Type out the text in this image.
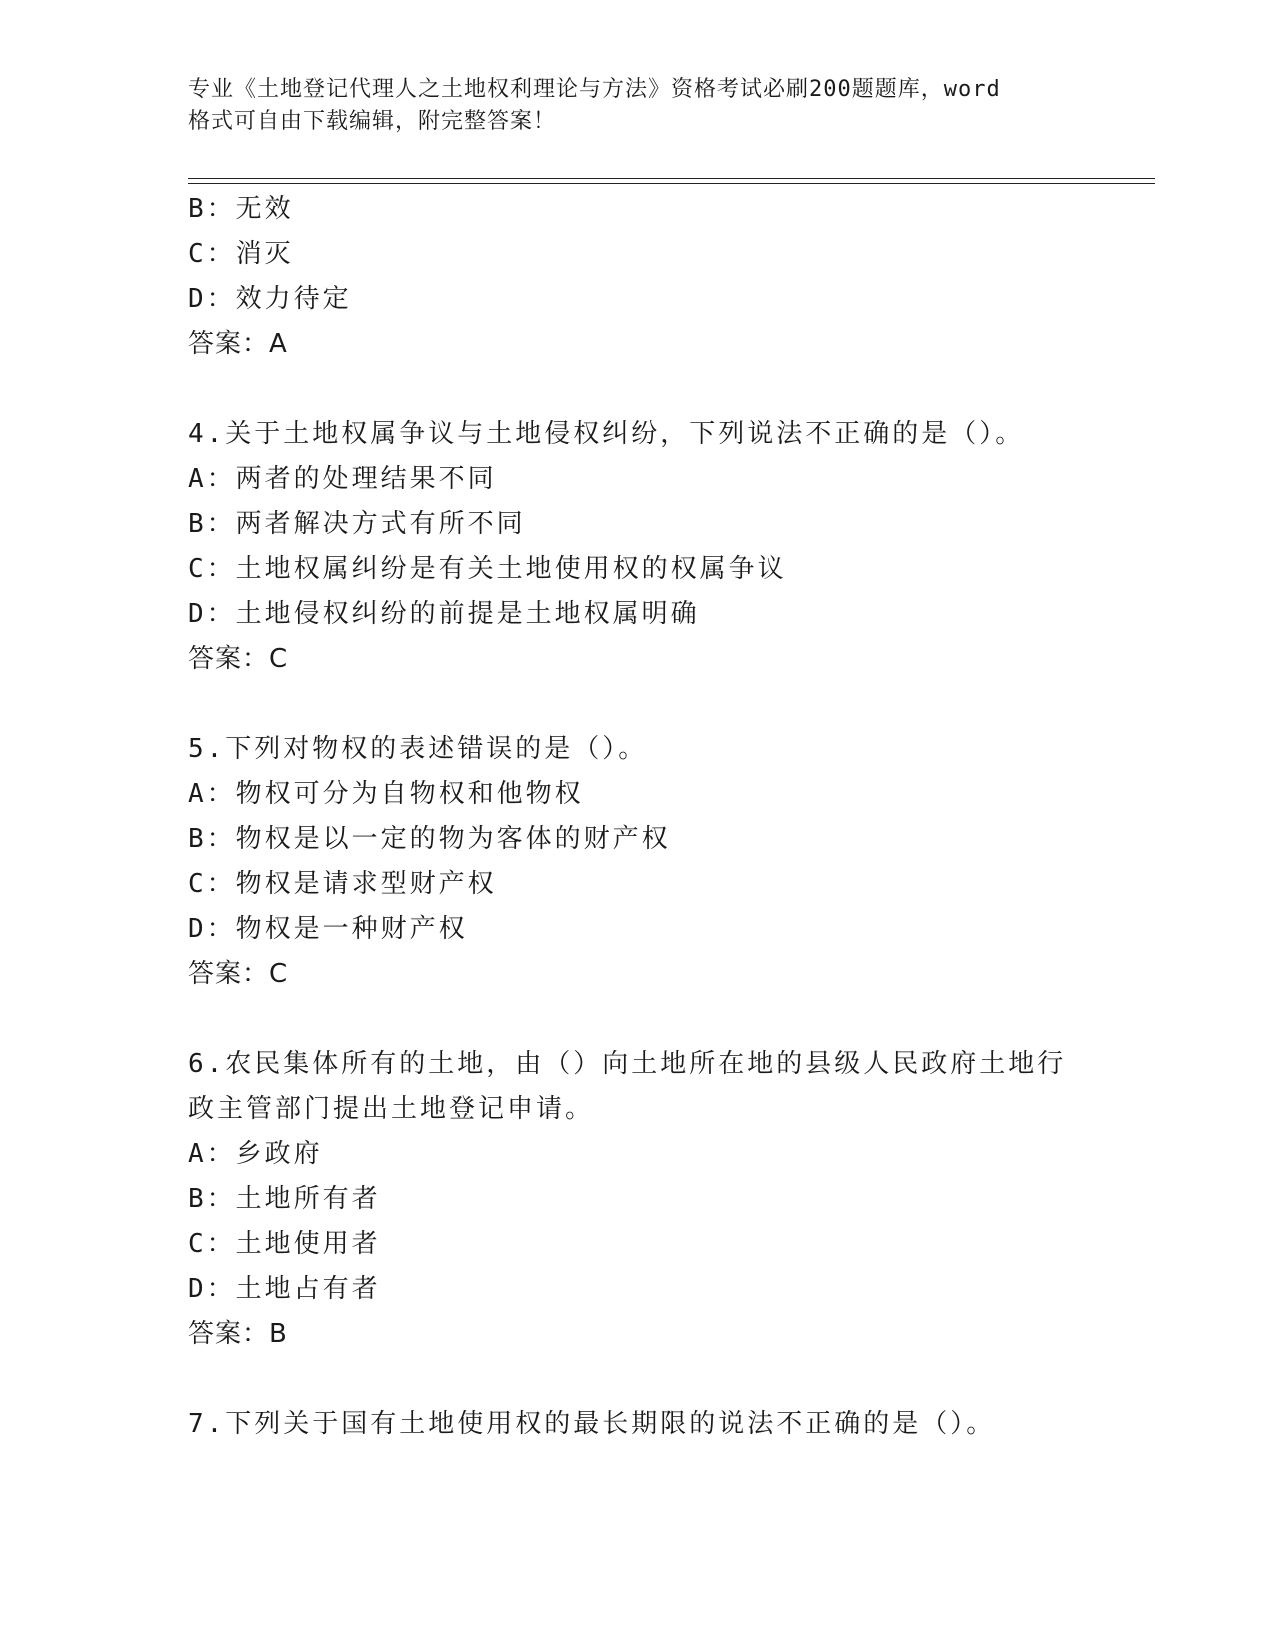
专业《土地登记代理人之土地权利理论与方法》资格考试必刷200题题库，word
格式可自由下载编辑，附完整答案！
B：无效
C：消灭
D：效力待定
答案：A
4.关于土地权属争议与土地侵权纠纷，下列说法不正确的是（）。
A：两者的处理结果不同
B：两者解决方式有所不同
C：土地权属纠纷是有关土地使用权的权属争议
D：土地侵权纠纷的前提是土地权属明确
答案：C
5.下列对物权的表述错误的是（）。
A：物权可分为自物权和他物权
B：物权是以一定的物为客体的财产权
C：物权是请求型财产权
D：物权是一种财产权
答案：C
6.农民集体所有的土地，由（）向土地所在地的县级人民政府土地行
政主管部门提出土地登记申请。
A：乡政府
B：土地所有者
C：土地使用者
D：土地占有者
答案：B
7.下列关于国有土地使用权的最长期限的说法不正确的是（）。
